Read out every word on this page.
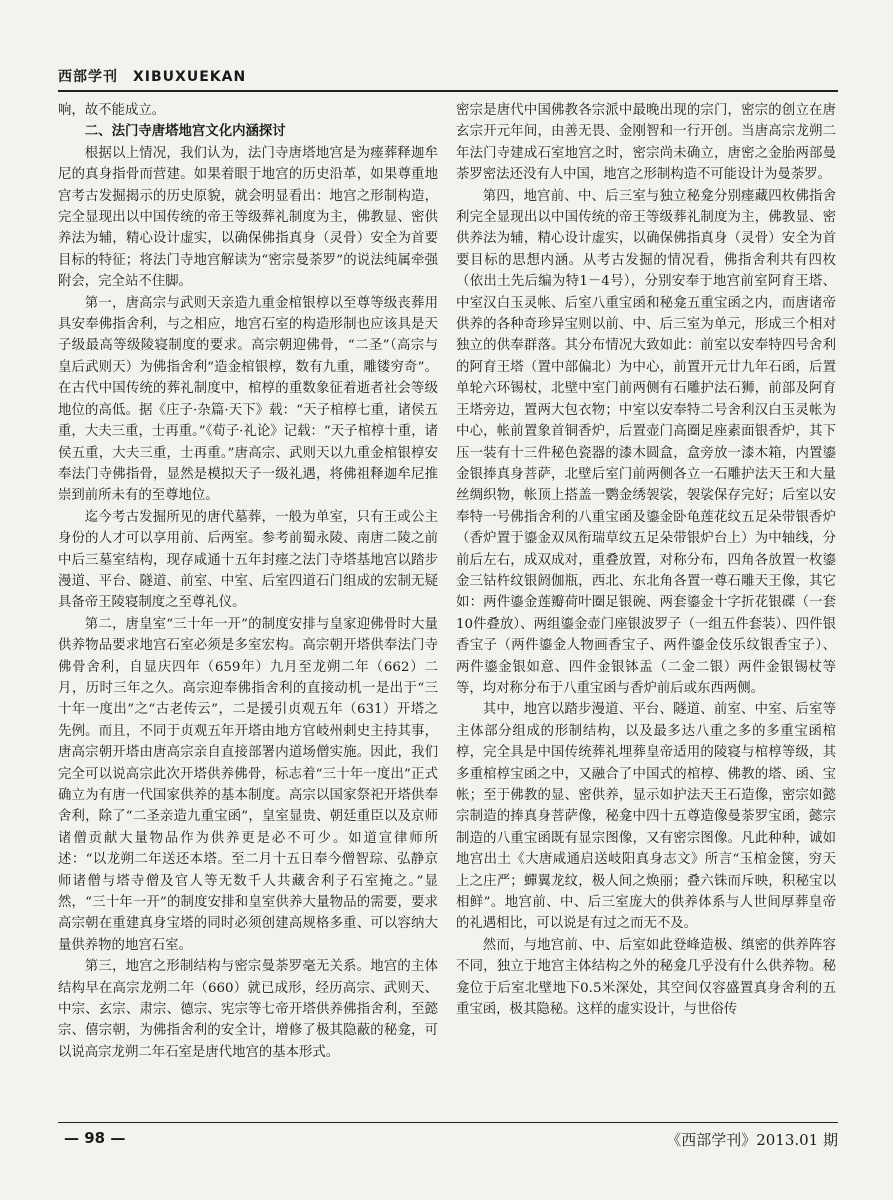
西部学刊　XIBUXUEKAN

响，故不能成立。

二、法门寺唐塔地宫文化内涵探讨

根据以上情况，我们认为，法门寺唐塔地宫是为瘗葬释迦牟尼的真身指骨而营建。如果着眼于地宫的历史沿革，如果尊重地宫考古发掘揭示的历史原貌，就会明显看出：地宫之形制构造，完全显现出以中国传统的帝王等级葬礼制度为主，佛教显、密供养法为辅，精心设计虚实，以确保佛指真身（灵骨）安全为首要目标的特征；将法门寺地宫解读为“密宗曼荼罗”的说法纯属牵强附会，完全站不住脚。

第一，唐高宗与武则天亲造九重金棺银椁以至尊等级丧葬用具安奉佛指舍利，与之相应，地宫石室的构造形制也应该具是天子级最高等级陵寝制度的要求。高宗朝迎佛骨，“二圣”（高宗与皇后武则天）为佛指舍利“造金棺银椁，数有九重，雕镂穷奇”。在古代中国传统的葬礼制度中，棺椁的重数象征着逝者社会等级地位的高低。据《庄子·杂篇·天下》载：“天子棺椁七重，诸侯五重，大夫三重，士再重。”《荀子·礼论》记载：“天子棺椁十重，诸侯五重，大夫三重，士再重。”唐高宗、武则天以九重金棺银椁安奉法门寺佛指骨，显然是模拟天子一级礼遇，将佛祖释迦牟尼推崇到前所未有的至尊地位。

迄今考古发掘所见的唐代墓葬，一般为单室，只有王或公主身份的人才可以享用前、后两室。参考前蜀永陵、南唐二陵之前中后三墓室结构，现存咸通十五年封瘗之法门寺塔基地宫以踏步漫道、平台、隧道、前室、中室、后室四道石门组成的宏制无疑具备帝王陵寝制度之至尊礼仪。

第二，唐皇室“三十年一开”的制度安排与皇家迎佛骨时大量供养物品要求地宫石室必须是多室宏构。高宗朝开塔供奉法门寺佛骨舍利，自显庆四年（659年）九月至龙朔二年（662）二月，历时三年之久。高宗迎奉佛指舍利的直接动机一是出于“三十年一度出”之“古老传云”，二是援引贞观五年（631）开塔之先例。而且，不同于贞观五年开塔由地方官岐州刺史主持其事，唐高宗朝开塔由唐高宗亲自直接部署内道场僧实施。因此，我们完全可以说高宗此次开塔供养佛骨，标志着“三十年一度出”正式确立为有唐一代国家供养的基本制度。高宗以国家祭祀开塔供奉舍利，除了“二圣亲造九重宝函”，皇室显贵、朝廷重臣以及京师诸僧贡献大量物品作为供养更是必不可少。如道宣律师所述：“以龙朔二年送还本塔。至二月十五日奉今僧智琮、弘静京师诸僧与塔寺僧及官人等无数千人共藏舍利子石室掩之。”显然，“三十年一开”的制度安排和皇室供养大量物品的需要，要求高宗朝在重建真身宝塔的同时必须创建高规格多重、可以容纳大量供养物的地宫石室。

第三，地宫之形制结构与密宗曼荼罗毫无关系。地宫的主体结构早在高宗龙朔二年（660）就已成形，经历高宗、武则天、中宗、玄宗、肃宗、德宗、宪宗等七帝开塔供养佛指舍利，至懿宗、僖宗朝，为佛指舍利的安全计，增修了极其隐蔽的秘龛，可以说高宗龙朔二年石室是唐代地宫的基本形式。

密宗是唐代中国佛教各宗派中最晚出现的宗门，密宗的创立在唐玄宗开元年间，由善无畏、金刚智和一行开创。当唐高宗龙朔二年法门寺建成石室地宫之时，密宗尚未确立，唐密之金胎两部曼荼罗密法还没有人中国，地宫之形制构造不可能设计为曼荼罗。

第四，地宫前、中、后三室与独立秘龛分别瘗藏四枚佛指舍利完全显现出以中国传统的帝王等级葬礼制度为主，佛教显、密供养法为辅，精心设计虚实，以确保佛指真身（灵骨）安全为首要目标的思想内涵。从考古发掘的情况看，佛指舍利共有四枚（依出土先后编为特1－4号），分别安奉于地宫前室阿育王塔、中室汉白玉灵帐、后室八重宝函和秘龛五重宝函之内，而唐诸帝供养的各种奇珍异宝则以前、中、后三室为单元，形成三个相对独立的供奉群落。其分布情况大致如此：前室以安奉特四号舍利的阿育王塔（置中部偏北）为中心，前置开元廿九年石函，后置单轮六环锡杖，北壁中室门前两侧有石雕护法石狮，前部及阿育王塔旁边，置两大包衣物；中室以安奉特二号舍利汉白玉灵帐为中心，帐前置象首铜香炉，后置壶门高圈足座素面银香炉，其下压一装有十三件秘色瓷器的漆木圆盒，盒旁放一漆木箱，内置鎏金银捧真身菩萨，北壁后室门前两侧各立一石雕护法天王和大量丝绸织物，帐顶上搭盖一鹦金绣袈裟，袈裟保存完好；后室以安奉特一号佛指舍利的八重宝函及鎏金卧龟莲花纹五足朵带银香炉（香炉置于鎏金双凤衔瑞草纹五足朵带银炉台上）为中轴线，分前后左右，成双成对，重叠放置，对称分布，四角各放置一枚鎏金三钴杵纹银阏伽瓶，西北、东北角各置一尊石雕天王像，其它如：两件鎏金莲瓣荷叶圈足银碗、两套鎏金十字折花银碟（一套10件叠放）、两组鎏金壶门座银波罗子（一组五件套装）、四件银香宝子（两件鎏金人物画香宝子、两件鎏金伎乐纹银香宝子）、两件鎏金银如意、四件金银钵盂（二金二银）两件金银锡杖等等，均对称分布于八重宝函与香炉前后或东西两侧。

其中，地宫以踏步漫道、平台、隧道、前室、中室、后室等主体部分组成的形制结构，以及最多达八重之多的多重宝函棺椁，完全具是中国传统葬礼埋葬皇帝适用的陵寝与棺椁等级，其多重棺椁宝函之中，又融合了中国式的棺椁、佛教的塔、函、宝帐；至于佛教的显、密供养，显示如护法天王石造像，密宗如懿宗制造的捧真身菩萨像，秘龛中四十五尊造像曼荼罗宝函，懿宗制造的八重宝函既有显宗图像，又有密宗图像。凡此种种，诚如地宫出土《大唐咸通启送岐阳真身志文》所言“玉棺金箧，穷天上之庄严；蟬翼龙纹，极人间之焕丽；叠六铢而斥映，积秘宝以相鲜”。地宫前、中、后三室庞大的供养体系与人世间厚葬皇帝的礼遇相比，可以说是有过之而无不及。

然而，与地宫前、中、后室如此登峰造极、缜密的供养阵容不同，独立于地宫主体结构之外的秘龛几乎没有什么供养物。秘龛位于后室北壁地下0.5米深处，其空间仅容盛置真身舍利的五重宝函，极其隐秘。这样的虚实设计，与世俗传

— 98 —	《西部学刊》2013.01 期
